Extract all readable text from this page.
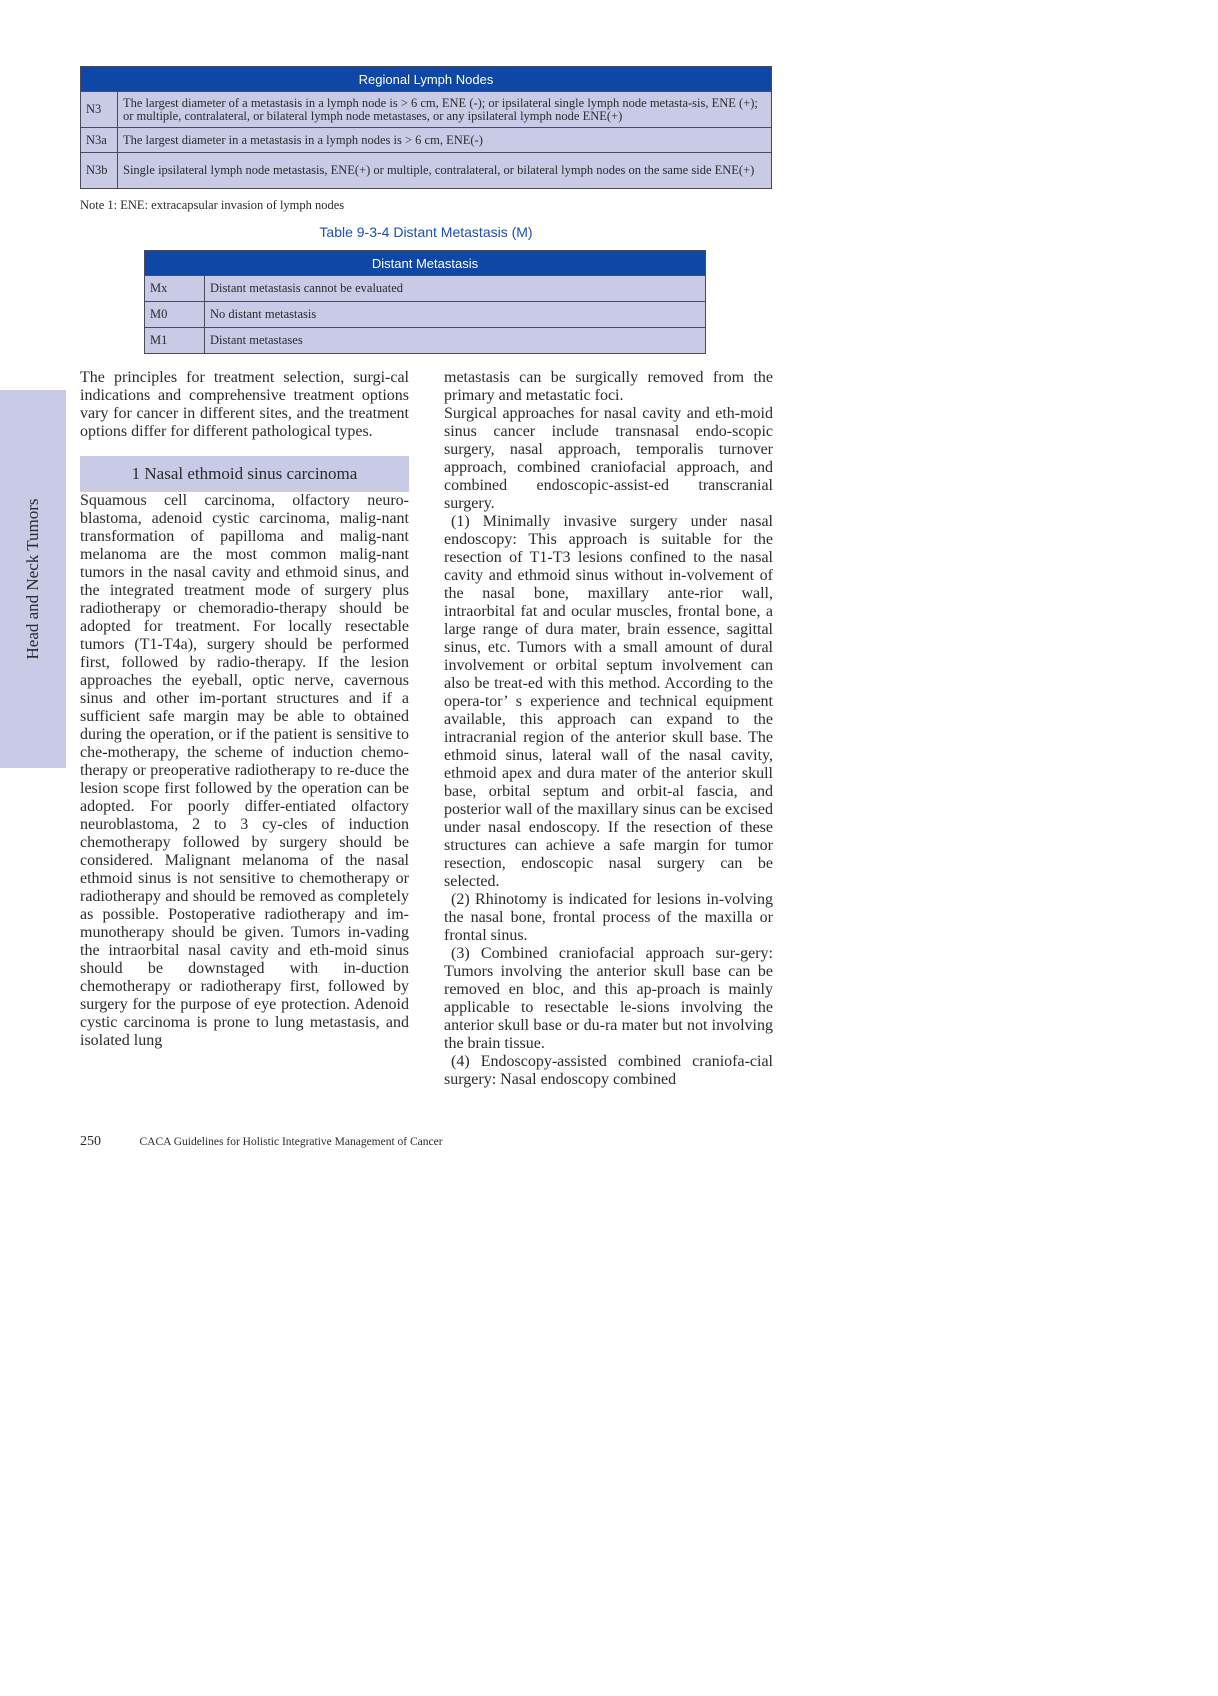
Head and Neck Tumors
Regional Lymph Nodes	
N3	The largest diameter of a metastasis in a lymph node is > 6 cm, ENE (-); or ipsilateral single lymph node metasta-sis, ENE (+); or multiple, contralateral, or bilateral lymph node metastases, or any ipsilateral lymph node ENE(+)
N3a	The largest diameter in a metastasis in a lymph nodes is > 6 cm, ENE(-)
N3b	Single ipsilateral lymph node metastasis, ENE(+) or multiple, contralateral, or bilateral lymph nodes on the same side ENE(+)
Note 1: ENE: extracapsular invasion of lymph nodes
Table 9-3-4 Distant Metastasis (M)
Distant Metastasis	
Mx	Distant metastasis cannot be evaluated
M0	No distant metastasis
M1	Distant metastases

The principles for treatment selection, surgi-cal indications and comprehensive treatment options vary for cancer in different sites, and the treatment options differ for different pathological types.

1 Nasal ethmoid sinus carcinoma

Squamous cell carcinoma, olfactory neuro-blastoma, adenoid cystic carcinoma, malig-nant transformation of papilloma and malig-nant melanoma are the most common malig-nant tumors in the nasal cavity and ethmoid sinus, and the integrated treatment mode of surgery plus radiotherapy or chemoradio-therapy should be adopted for treatment. For locally resectable tumors (T1-T4a), surgery should be performed first, followed by radio-therapy. If the lesion approaches the eyeball, optic nerve, cavernous sinus and other im-portant structures and if a sufficient safe margin may be able to obtained during the operation, or if the patient is sensitive to che-motherapy, the scheme of induction chemo-therapy or preoperative radiotherapy to re-duce the lesion scope first followed by the operation can be adopted. For poorly differ-entiated olfactory neuroblastoma, 2 to 3 cy-cles of induction chemotherapy followed by surgery should be considered. Malignant melanoma of the nasal ethmoid sinus is not sensitive to chemotherapy or radiotherapy and should be removed as completely as possible. Postoperative radiotherapy and im-munotherapy should be given. Tumors in-vading the intraorbital nasal cavity and eth-moid sinus should be downstaged with in-duction chemotherapy or radiotherapy first, followed by surgery for the purpose of eye protection. Adenoid cystic carcinoma is prone to lung metastasis, and isolated lung

metastasis can be surgically removed from the primary and metastatic foci.

Surgical approaches for nasal cavity and eth-moid sinus cancer include transnasal endo-scopic surgery, nasal approach, temporalis turnover approach, combined craniofacial approach, and combined endoscopic-assist-ed transcranial surgery.

(1) Minimally invasive surgery under nasal endoscopy: This approach is suitable for the resection of T1-T3 lesions confined to the nasal cavity and ethmoid sinus without in-volvement of the nasal bone, maxillary ante-rior wall, intraorbital fat and ocular muscles, frontal bone, a large range of dura mater, brain essence, sagittal sinus, etc. Tumors with a small amount of dural involvement or orbital septum involvement can also be treat-ed with this method. According to the opera-tor’ s experience and technical equipment available, this approach can expand to the intracranial region of the anterior skull base. The ethmoid sinus, lateral wall of the nasal cavity, ethmoid apex and dura mater of the anterior skull base, orbital septum and orbit-al fascia, and posterior wall of the maxillary sinus can be excised under nasal endoscopy. If the resection of these structures can achieve a safe margin for tumor resection, endoscopic nasal surgery can be selected.

(2) Rhinotomy is indicated for lesions in-volving the nasal bone, frontal process of the maxilla or frontal sinus.

(3) Combined craniofacial approach sur-gery: Tumors involving the anterior skull base can be removed en bloc, and this ap-proach is mainly applicable to resectable le-sions involving the anterior skull base or du-ra mater but not involving the brain tissue.

(4) Endoscopy-assisted combined craniofa-cial surgery: Nasal endoscopy combined

250	CACA Guidelines for Holistic Integrative Management of Cancer
